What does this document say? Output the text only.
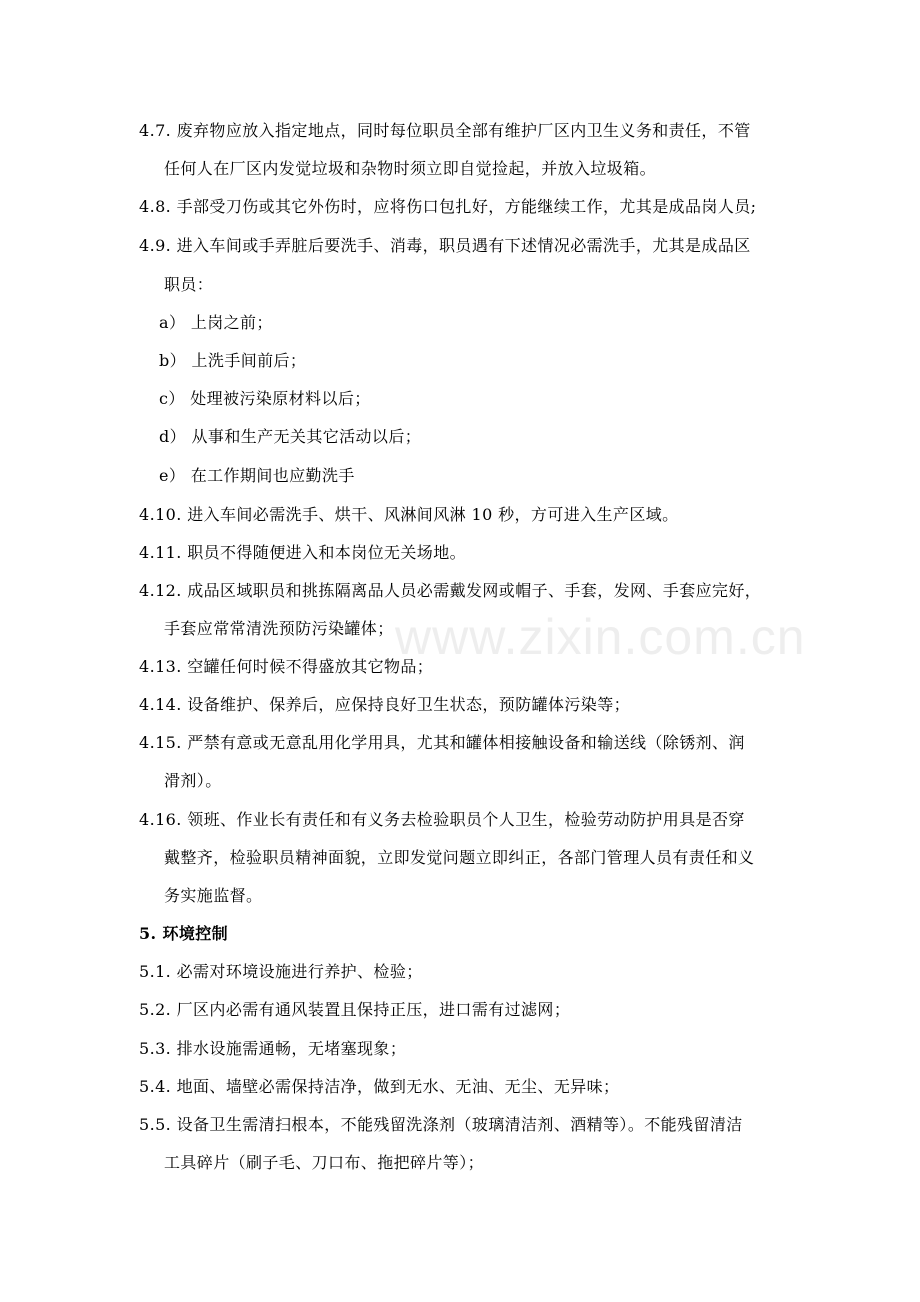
www.zixin.com.cn
4.7. 废弃物应放入指定地点，同时每位职员全部有维护厂区内卫生义务和责任，不管
任何人在厂区内发觉垃圾和杂物时须立即自觉捡起，并放入垃圾箱。
4.8. 手部受刀伤或其它外伤时，应将伤口包扎好，方能继续工作，尤其是成品岗人员;
4.9. 进入车间或手弄脏后要洗手、消毒，职员遇有下述情况必需洗手，尤其是成品区
职员：
a） 上岗之前；
b） 上洗手间前后；
c） 处理被污染原材料以后；
d） 从事和生产无关其它活动以后；
e） 在工作期间也应勤洗手
4.10. 进入车间必需洗手、烘干、风淋间风淋 10 秒，方可进入生产区域。
4.11. 职员不得随便进入和本岗位无关场地。
4.12. 成品区域职员和挑拣隔离品人员必需戴发网或帽子、手套，发网、手套应完好，
手套应常常清洗预防污染罐体；
4.13. 空罐任何时候不得盛放其它物品；
4.14. 设备维护、保养后，应保持良好卫生状态，预防罐体污染等；
4.15. 严禁有意或无意乱用化学用具，尤其和罐体相接触设备和输送线（除锈剂、润
滑剂）。
4.16. 领班、作业长有责任和有义务去检验职员个人卫生，检验劳动防护用具是否穿
戴整齐，检验职员精神面貌，立即发觉问题立即纠正，各部门管理人员有责任和义
务实施监督。
5. 环境控制
5.1. 必需对环境设施进行养护、检验；
5.2. 厂区内必需有通风装置且保持正压，进口需有过滤网；
5.3. 排水设施需通畅，无堵塞现象；
5.4. 地面、墙壁必需保持洁净，做到无水、无油、无尘、无异味；
5.5. 设备卫生需清扫根本，不能残留洗涤剂（玻璃清洁剂、酒精等）。不能残留清洁
工具碎片（刷子毛、刀口布、拖把碎片等）；
